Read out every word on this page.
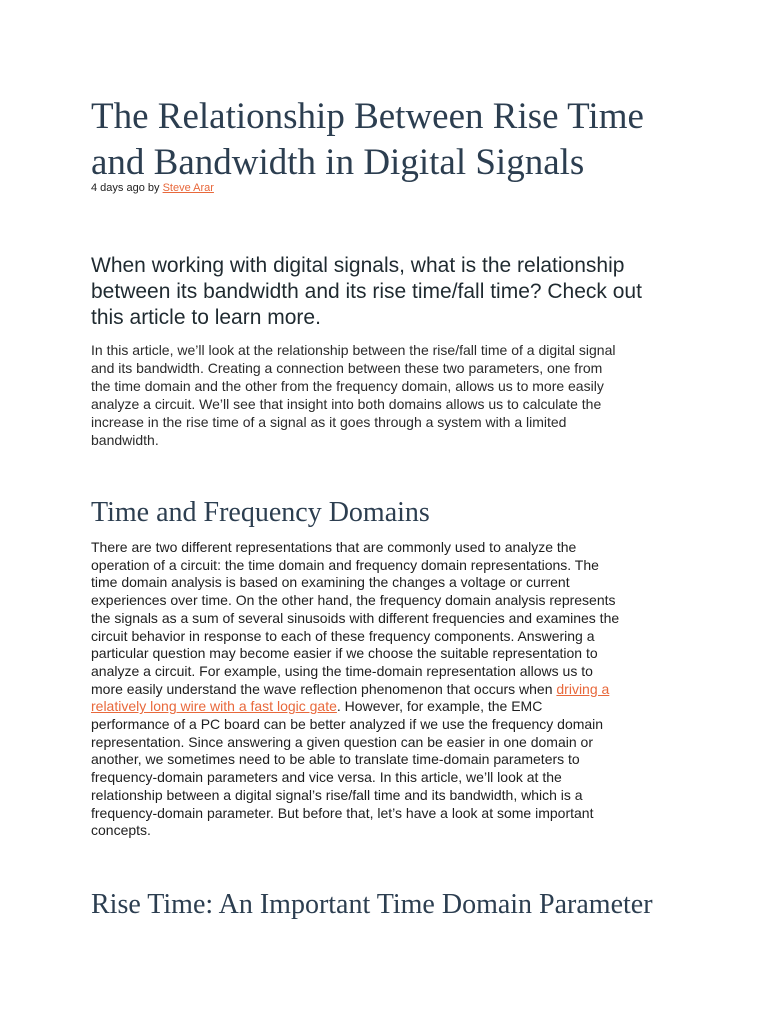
The Relationship Between Rise Time
and Bandwidth in Digital Signals
4 days ago by Steve Arar

When working with digital signals, what is the relationship
between its bandwidth and its rise time/fall time? Check out
this article to learn more.

In this article, we’ll look at the relationship between the rise/fall time of a digital signal
and its bandwidth. Creating a connection between these two parameters, one from
the time domain and the other from the frequency domain, allows us to more easily
analyze a circuit. We’ll see that insight into both domains allows us to calculate the
increase in the rise time of a signal as it goes through a system with a limited
bandwidth.

Time and Frequency Domains

There are two different representations that are commonly used to analyze the
operation of a circuit: the time domain and frequency domain representations. The
time domain analysis is based on examining the changes a voltage or current
experiences over time. On the other hand, the frequency domain analysis represents
the signals as a sum of several sinusoids with different frequencies and examines the
circuit behavior in response to each of these frequency components. Answering a
particular question may become easier if we choose the suitable representation to
analyze a circuit. For example, using the time-domain representation allows us to
more easily understand the wave reflection phenomenon that occurs when driving a
relatively long wire with a fast logic gate. However, for example, the EMC
performance of a PC board can be better analyzed if we use the frequency domain
representation. Since answering a given question can be easier in one domain or
another, we sometimes need to be able to translate time-domain parameters to
frequency-domain parameters and vice versa. In this article, we’ll look at the
relationship between a digital signal’s rise/fall time and its bandwidth, which is a
frequency-domain parameter. But before that, let’s have a look at some important
concepts.

Rise Time: An Important Time Domain Parameter
